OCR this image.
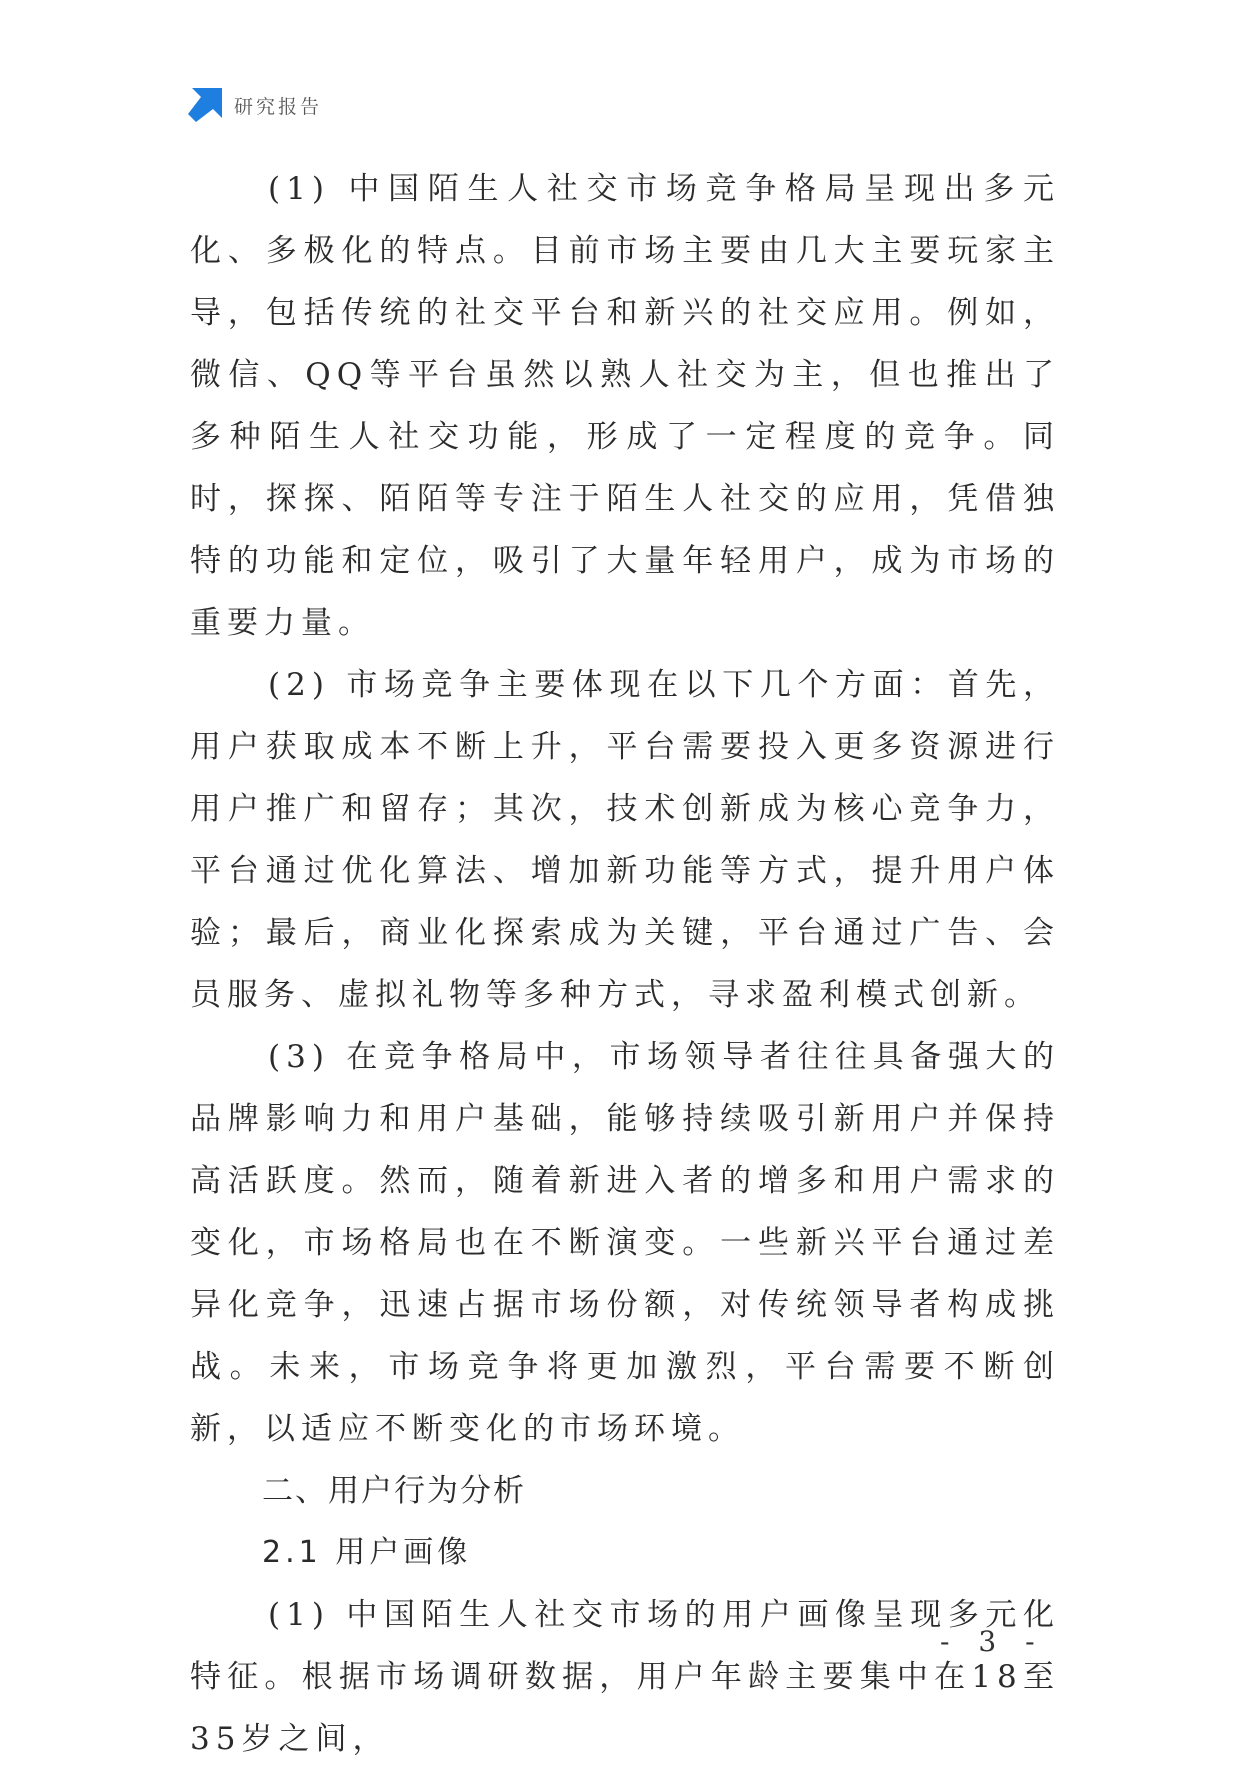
研究报告

(1) 中国陌生人社交市场竞争格局呈现出多元化、多极化的特点。目前市场主要由几大主要玩家主导，包括传统的社交平台和新兴的社交应用。例如，微信、QQ等平台虽然以熟人社交为主，但也推出了多种陌生人社交功能，形成了一定程度的竞争。同时，探探、陌陌等专注于陌生人社交的应用，凭借独特的功能和定位，吸引了大量年轻用户，成为市场的重要力量。

(2) 市场竞争主要体现在以下几个方面：首先，用户获取成本不断上升，平台需要投入更多资源进行用户推广和留存；其次，技术创新成为核心竞争力，平台通过优化算法、增加新功能等方式，提升用户体验；最后，商业化探索成为关键，平台通过广告、会员服务、虚拟礼物等多种方式，寻求盈利模式创新。

(3) 在竞争格局中，市场领导者往往具备强大的品牌影响力和用户基础，能够持续吸引新用户并保持高活跃度。然而，随着新进入者的增多和用户需求的变化，市场格局也在不断演变。一些新兴平台通过差异化竞争，迅速占据市场份额，对传统领导者构成挑战。未来，市场竞争将更加激烈，平台需要不断创新，以适应不断变化的市场环境。

二、用户行为分析

2.1 用户画像

(1) 中国陌生人社交市场的用户画像呈现多元化特征。根据市场调研数据，用户年龄主要集中在18至35岁之间，

- 3 -
